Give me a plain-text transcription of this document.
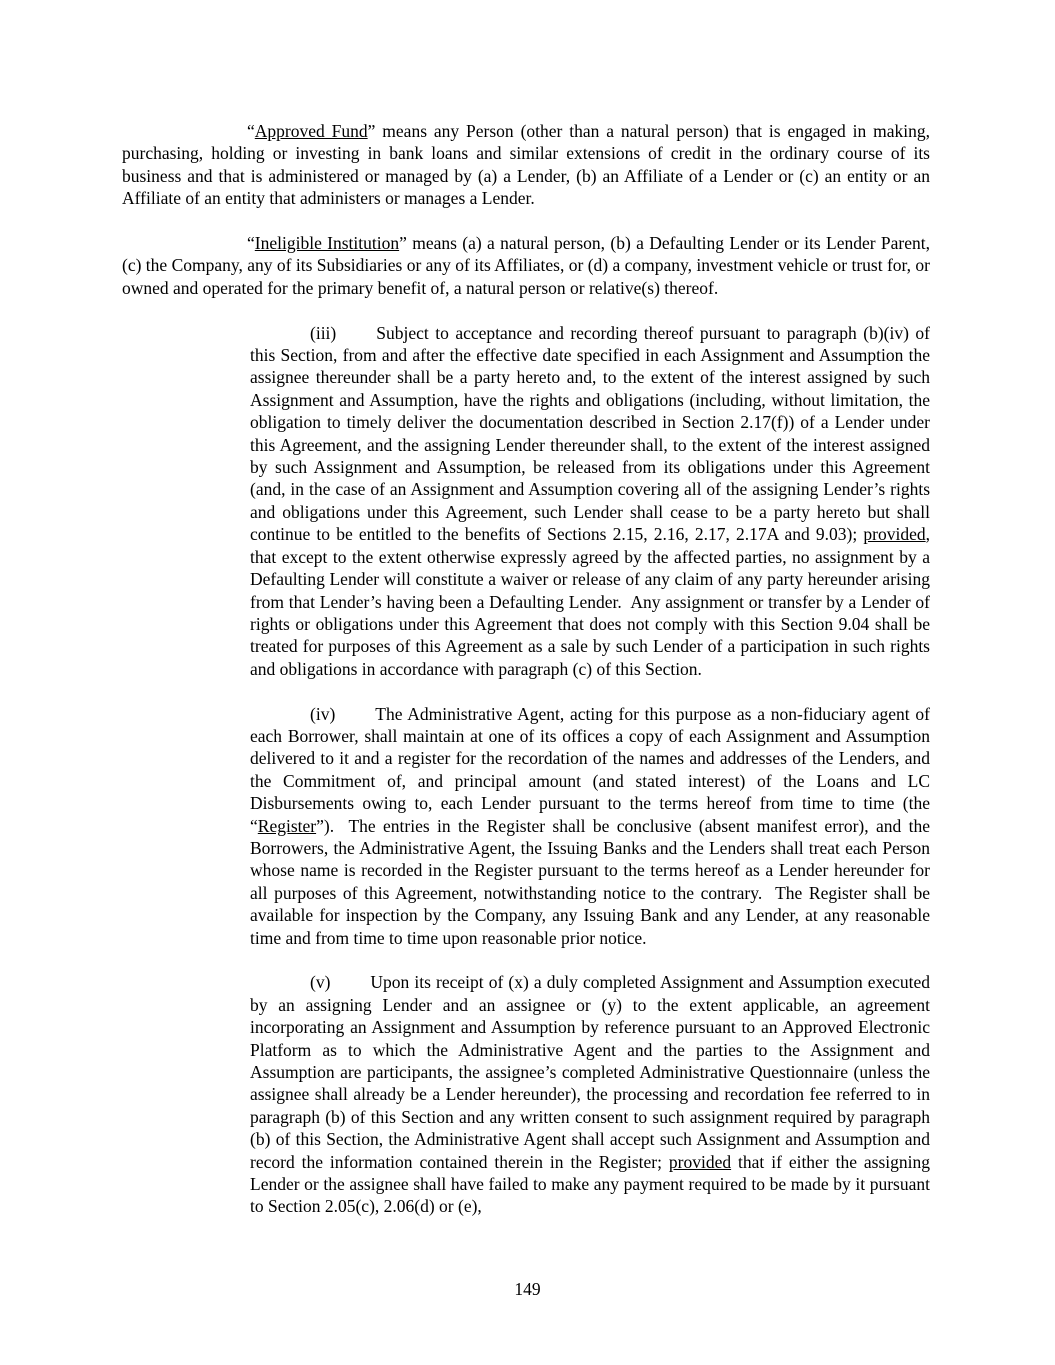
“Approved Fund” means any Person (other than a natural person) that is engaged in making, purchasing, holding or investing in bank loans and similar extensions of credit in the ordinary course of its business and that is administered or managed by (a) a Lender, (b) an Affiliate of a Lender or (c) an entity or an Affiliate of an entity that administers or manages a Lender.

“Ineligible Institution” means (a) a natural person, (b) a Defaulting Lender or its Lender Parent, (c) the Company, any of its Subsidiaries or any of its Affiliates, or (d) a company, investment vehicle or trust for, or owned and operated for the primary benefit of, a natural person or relative(s) thereof.

(iii) Subject to acceptance and recording thereof pursuant to paragraph (b)(iv) of this Section, from and after the effective date specified in each Assignment and Assumption the assignee thereunder shall be a party hereto and, to the extent of the interest assigned by such Assignment and Assumption, have the rights and obligations (including, without limitation, the obligation to timely deliver the documentation described in Section 2.17(f)) of a Lender under this Agreement, and the assigning Lender thereunder shall, to the extent of the interest assigned by such Assignment and Assumption, be released from its obligations under this Agreement (and, in the case of an Assignment and Assumption covering all of the assigning Lender’s rights and obligations under this Agreement, such Lender shall cease to be a party hereto but shall continue to be entitled to the benefits of Sections 2.15, 2.16, 2.17, 2.17A and 9.03); provided, that except to the extent otherwise expressly agreed by the affected parties, no assignment by a Defaulting Lender will constitute a waiver or release of any claim of any party hereunder arising from that Lender’s having been a Defaulting Lender.  Any assignment or transfer by a Lender of rights or obligations under this Agreement that does not comply with this Section 9.04 shall be treated for purposes of this Agreement as a sale by such Lender of a participation in such rights and obligations in accordance with paragraph (c) of this Section.

(iv) The Administrative Agent, acting for this purpose as a non-fiduciary agent of each Borrower, shall maintain at one of its offices a copy of each Assignment and Assumption delivered to it and a register for the recordation of the names and addresses of the Lenders, and the Commitment of, and principal amount (and stated interest) of the Loans and LC Disbursements owing to, each Lender pursuant to the terms hereof from time to time (the “Register”).  The entries in the Register shall be conclusive (absent manifest error), and the Borrowers, the Administrative Agent, the Issuing Banks and the Lenders shall treat each Person whose name is recorded in the Register pursuant to the terms hereof as a Lender hereunder for all purposes of this Agreement, notwithstanding notice to the contrary.  The Register shall be available for inspection by the Company, any Issuing Bank and any Lender, at any reasonable time and from time to time upon reasonable prior notice.

(v) Upon its receipt of (x) a duly completed Assignment and Assumption executed by an assigning Lender and an assignee or (y) to the extent applicable, an agreement incorporating an Assignment and Assumption by reference pursuant to an Approved Electronic Platform as to which the Administrative Agent and the parties to the Assignment and Assumption are participants, the assignee’s completed Administrative Questionnaire (unless the assignee shall already be a Lender hereunder), the processing and recordation fee referred to in paragraph (b) of this Section and any written consent to such assignment required by paragraph (b) of this Section, the Administrative Agent shall accept such Assignment and Assumption and record the information contained therein in the Register; provided that if either the assigning Lender or the assignee shall have failed to make any payment required to be made by it pursuant to Section 2.05(c), 2.06(d) or (e),

149
